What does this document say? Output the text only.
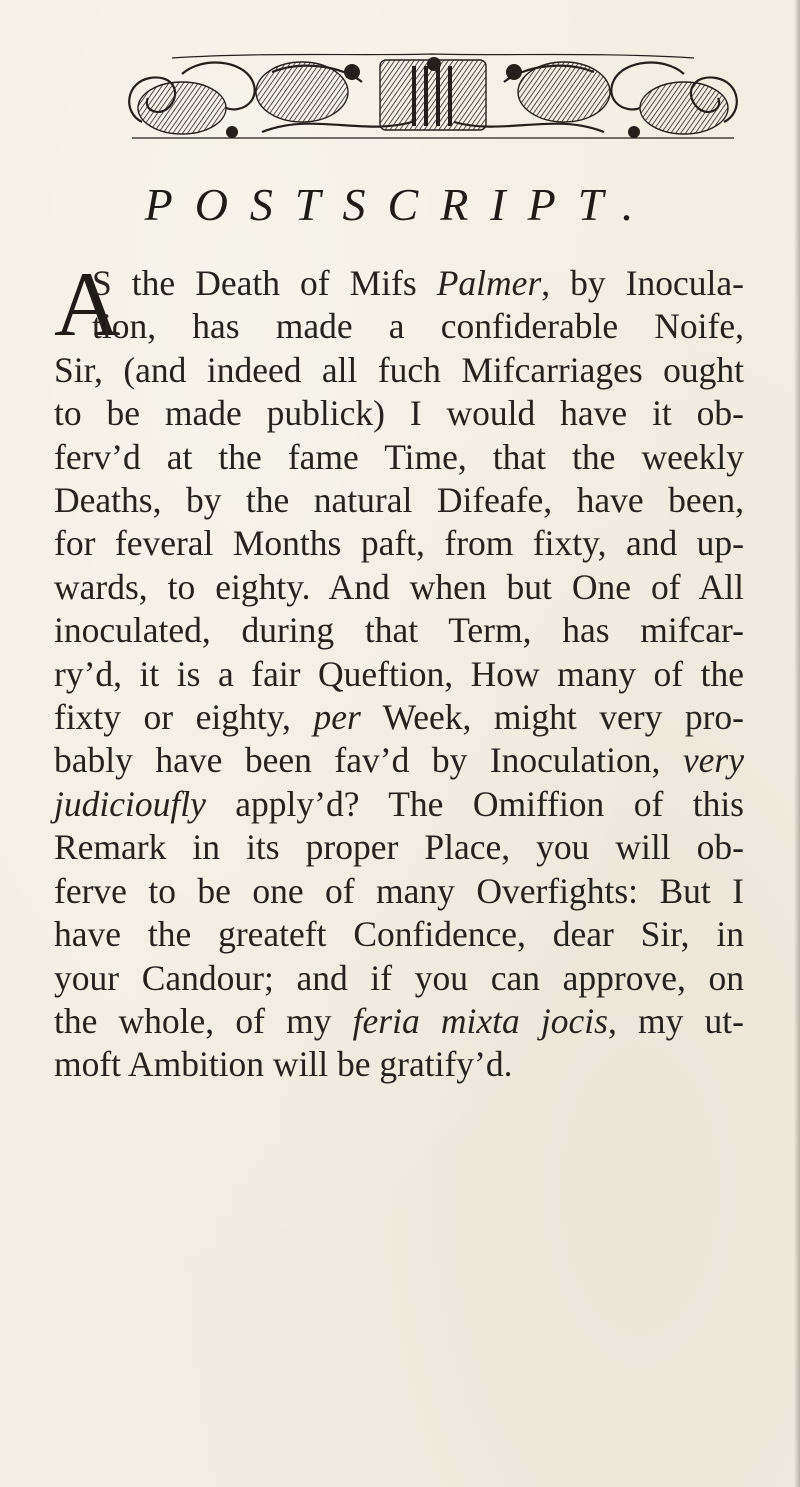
POSTSCRIPT.
A
S the Death of Mifs Palmer, by Inocula-
tion, has made a confiderable Noife,
Sir, (and indeed all fuch Mifcarriages ought
to be made publick) I would have it ob-
ferv’d at the fame Time, that the weekly
Deaths, by the natural Difeafe, have been,
for feveral Months paft, from fixty, and up-
wards, to eighty. And when but One of All
inoculated, during that Term, has mifcar-
ry’d, it is a fair Queftion, How many of the
fixty or eighty, per Week, might very pro-
bably have been fav’d by Inoculation, very
judicioufly apply’d? The Omiffion of this
Remark in its proper Place, you will ob-
ferve to be one of many Overfights: But I
have the greateft Confidence, dear Sir, in
your Candour; and if you can approve, on
the whole, of my feria mixta jocis, my ut-
moft Ambition will be gratify’d.
